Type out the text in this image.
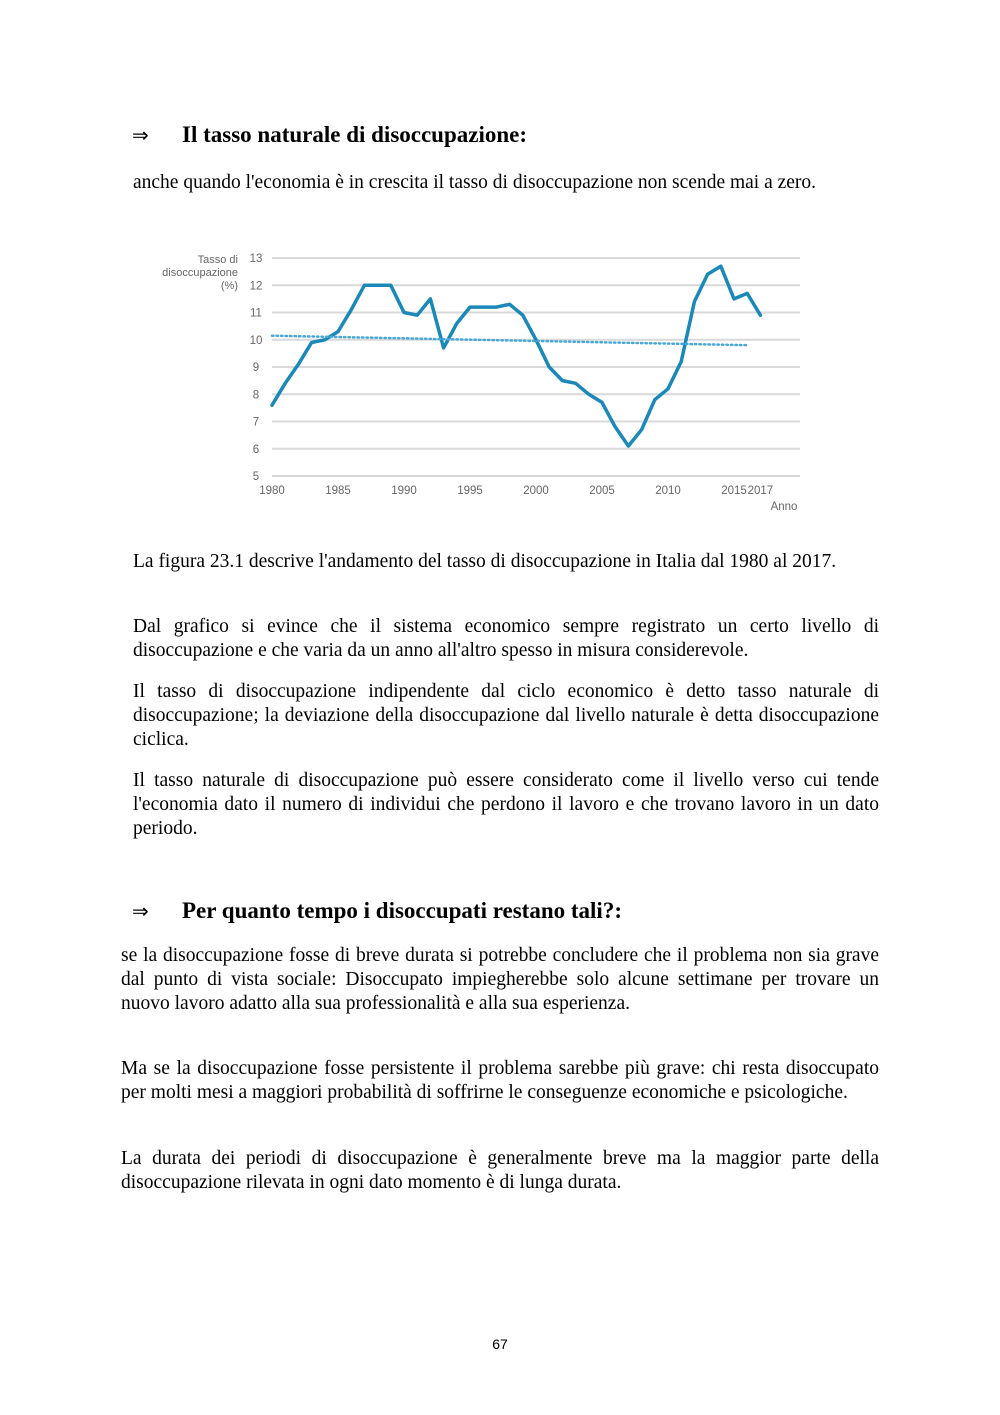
⇒	Il tasso naturale di disoccupazione:

anche quando l'economia è in crescita il tasso di disoccupazione non scende mai a zero.

Tasso di
disoccupazione
(%)
5
6
7
8
9
10
11
12
13
1980	1985	1990	1995	2000	2005	2010	2015 2017
Anno

La figura 23.1 descrive l'andamento del tasso di disoccupazione in Italia dal 1980 al 2017.

Dal grafico si evince che il sistema economico sempre registrato un certo livello di disoccupazione e che varia da un anno all'altro spesso in misura considerevole.

Il tasso di disoccupazione indipendente dal ciclo economico è detto tasso naturale di disoccupazione; la deviazione della disoccupazione dal livello naturale è detta disoccupazione ciclica.

Il tasso naturale di disoccupazione può essere considerato come il livello verso cui tende l'economia dato il numero di individui che perdono il lavoro e che trovano lavoro in un dato periodo.

⇒	Per quanto tempo i disoccupati restano tali?:

se la disoccupazione fosse di breve durata si potrebbe concludere che il problema non sia grave dal punto di vista sociale: Disoccupato impiegherebbe solo alcune settimane per trovare un nuovo lavoro adatto alla sua professionalità e alla sua esperienza.

Ma se la disoccupazione fosse persistente il problema sarebbe più grave: chi resta disoccupato per molti mesi a maggiori probabilità di soffrirne le conseguenze economiche e psicologiche.

La durata dei periodi di disoccupazione è generalmente breve ma la maggior parte della disoccupazione rilevata in ogni dato momento è di lunga durata.

67
